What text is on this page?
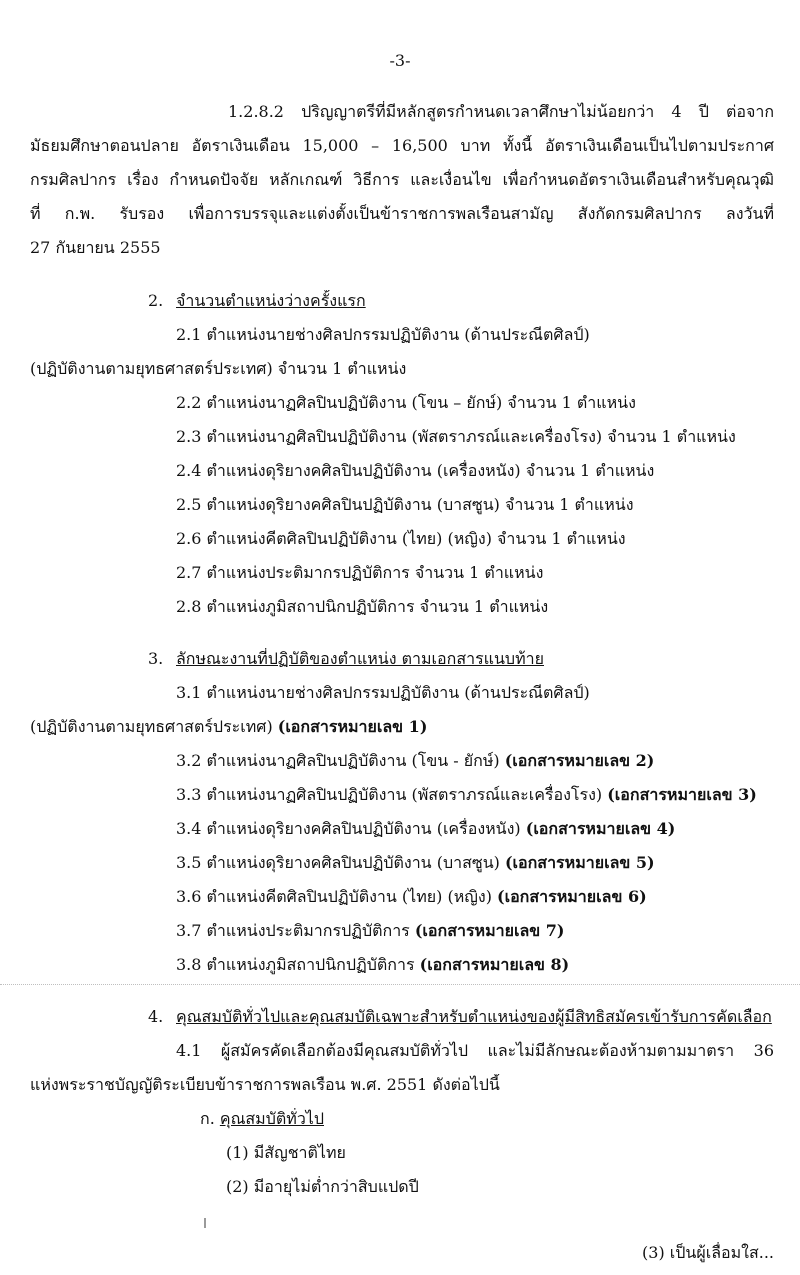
-3-
1.2.8.2 ปริญญาตรีที่มีหลักสูตรกำหนดเวลาศึกษาไม่น้อยกว่า 4 ปี ต่อจาก
มัธยมศึกษาตอนปลาย อัตราเงินเดือน 15,000 – 16,500 บาท ทั้งนี้ อัตราเงินเดือนเป็นไปตามประกาศ
กรมศิลปากร เรื่อง กำหนดปัจจัย หลักเกณฑ์ วิธีการ และเงื่อนไข เพื่อกำหนดอัตราเงินเดือนสำหรับคุณวุฒิ
ที่ ก.พ. รับรอง เพื่อการบรรจุและแต่งตั้งเป็นข้าราชการพลเรือนสามัญ สังกัดกรมศิลปากร ลงวันที่
27 กันยายน 2555
2. จำนวนตำแหน่งว่างครั้งแรก
2.1 ตำแหน่งนายช่างศิลปกรรมปฏิบัติงาน (ด้านประณีตศิลป์)
(ปฏิบัติงานตามยุทธศาสตร์ประเทศ) จำนวน 1 ตำแหน่ง
2.2 ตำแหน่งนาฏศิลปินปฏิบัติงาน (โขน – ยักษ์) จำนวน 1 ตำแหน่ง
2.3 ตำแหน่งนาฏศิลปินปฏิบัติงาน (พัสตราภรณ์และเครื่องโรง) จำนวน 1 ตำแหน่ง
2.4 ตำแหน่งดุริยางคศิลปินปฏิบัติงาน (เครื่องหนัง) จำนวน 1 ตำแหน่ง
2.5 ตำแหน่งดุริยางคศิลปินปฏิบัติงาน (บาสซูน) จำนวน 1 ตำแหน่ง
2.6 ตำแหน่งคีตศิลปินปฏิบัติงาน (ไทย) (หญิง) จำนวน 1 ตำแหน่ง
2.7 ตำแหน่งประติมากรปฏิบัติการ จำนวน 1 ตำแหน่ง
2.8 ตำแหน่งภูมิสถาปนิกปฏิบัติการ จำนวน 1 ตำแหน่ง
3. ลักษณะงานที่ปฏิบัติของตำแหน่ง ตามเอกสารแนบท้าย
3.1 ตำแหน่งนายช่างศิลปกรรมปฏิบัติงาน (ด้านประณีตศิลป์)
(ปฏิบัติงานตามยุทธศาสตร์ประเทศ) (เอกสารหมายเลข 1)
3.2 ตำแหน่งนาฏศิลปินปฏิบัติงาน (โขน - ยักษ์) (เอกสารหมายเลข 2)
3.3 ตำแหน่งนาฏศิลปินปฏิบัติงาน (พัสตราภรณ์และเครื่องโรง) (เอกสารหมายเลข 3)
3.4 ตำแหน่งดุริยางคศิลปินปฏิบัติงาน (เครื่องหนัง) (เอกสารหมายเลข 4)
3.5 ตำแหน่งดุริยางคศิลปินปฏิบัติงาน (บาสซูน) (เอกสารหมายเลข 5)
3.6 ตำแหน่งคีตศิลปินปฏิบัติงาน (ไทย) (หญิง) (เอกสารหมายเลข 6)
3.7 ตำแหน่งประติมากรปฏิบัติการ (เอกสารหมายเลข 7)
3.8 ตำแหน่งภูมิสถาปนิกปฏิบัติการ (เอกสารหมายเลข 8)
4. คุณสมบัติทั่วไปและคุณสมบัติเฉพาะสำหรับตำแหน่งของผู้มีสิทธิสมัครเข้ารับการคัดเลือก
4.1 ผู้สมัครคัดเลือกต้องมีคุณสมบัติทั่วไป และไม่มีลักษณะต้องห้ามตามมาตรา 36
แห่งพระราชบัญญัติระเบียบข้าราชการพลเรือน พ.ศ. 2551 ดังต่อไปนี้
ก. คุณสมบัติทั่วไป
(1) มีสัญชาติไทย
(2) มีอายุไม่ต่ำกว่าสิบแปดปี
(3) เป็นผู้เลื่อมใส...
